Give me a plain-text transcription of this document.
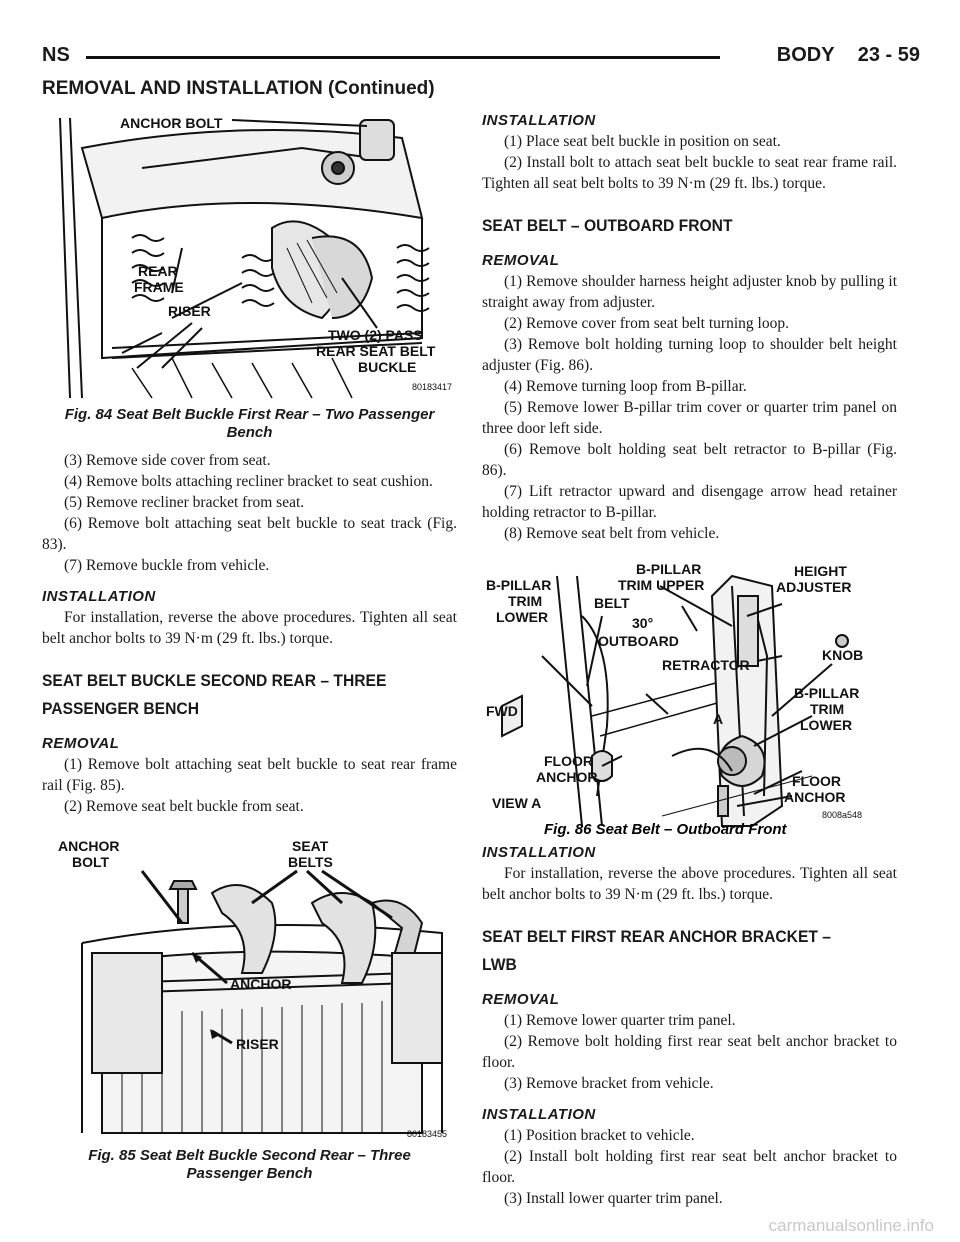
NS	BODY 23 - 59
REMOVAL AND INSTALLATION (Continued)
ANCHOR BOLT
REAR
FRAME
RISER
TWO (2) PASS
REAR SEAT BELT
BUCKLE
80183417
Fig. 84 Seat Belt Buckle First Rear – Two Passenger
Bench

(3) Remove side cover from seat.

(4) Remove bolts attaching recliner bracket to seat cushion.

(5) Remove recliner bracket from seat.

(6) Remove bolt attaching seat belt buckle to seat track (Fig. 83).

(7) Remove buckle from vehicle.

INSTALLATION

For installation, reverse the above procedures. Tighten all seat belt anchor bolts to 39 N·m (29 ft. lbs.) torque.

SEAT BELT BUCKLE SECOND REAR – THREE
PASSENGER BENCH
REMOVAL

(1) Remove bolt attaching seat belt buckle to seat rear frame rail (Fig. 85).

(2) Remove seat belt buckle from seat.

ANCHOR
BOLT
SEAT
BELTS
ANCHOR
RISER
80183455
Fig. 85 Seat Belt Buckle Second Rear – Three
Passenger Bench
INSTALLATION

(1) Place seat belt buckle in position on seat.

(2) Install bolt to attach seat belt buckle to seat rear frame rail. Tighten all seat belt bolts to 39 N·m (29 ft. lbs.) torque.

SEAT BELT – OUTBOARD FRONT
REMOVAL

(1) Remove shoulder harness height adjuster knob by pulling it straight away from adjuster.

(2) Remove cover from seat belt turning loop.

(3) Remove bolt holding turning loop to shoulder belt height adjuster (Fig. 86).

(4) Remove turning loop from B-pillar.

(5) Remove lower B-pillar trim cover or quarter trim panel on three door left side.

(6) Remove bolt holding seat belt retractor to B-pillar (Fig. 86).

(7) Lift retractor upward and disengage arrow head retainer holding retractor to B-pillar.

(8) Remove seat belt from vehicle.

B-PILLAR
TRIM
LOWER
B-PILLAR
TRIM UPPER
BELT
30°
OUTBOARD
HEIGHT
ADJUSTER
KNOB
RETRACTOR
A
B-PILLAR
TRIM
LOWER
FWD
FLOOR
ANCHOR	FLOOR
ANCHOR
VIEW A
8008a548
Fig. 86 Seat Belt – Outboard Front
INSTALLATION

For installation, reverse the above procedures. Tighten all seat belt anchor bolts to 39 N·m (29 ft. lbs.) torque.

SEAT BELT FIRST REAR ANCHOR BRACKET – LWB
REMOVAL

(1) Remove lower quarter trim panel.

(2) Remove bolt holding first rear seat belt anchor bracket to floor.

(3) Remove bracket from vehicle.

INSTALLATION

(1) Position bracket to vehicle.

(2) Install bolt holding first rear seat belt anchor bracket to floor.

(3) Install lower quarter trim panel.

carmanualsonline.info
